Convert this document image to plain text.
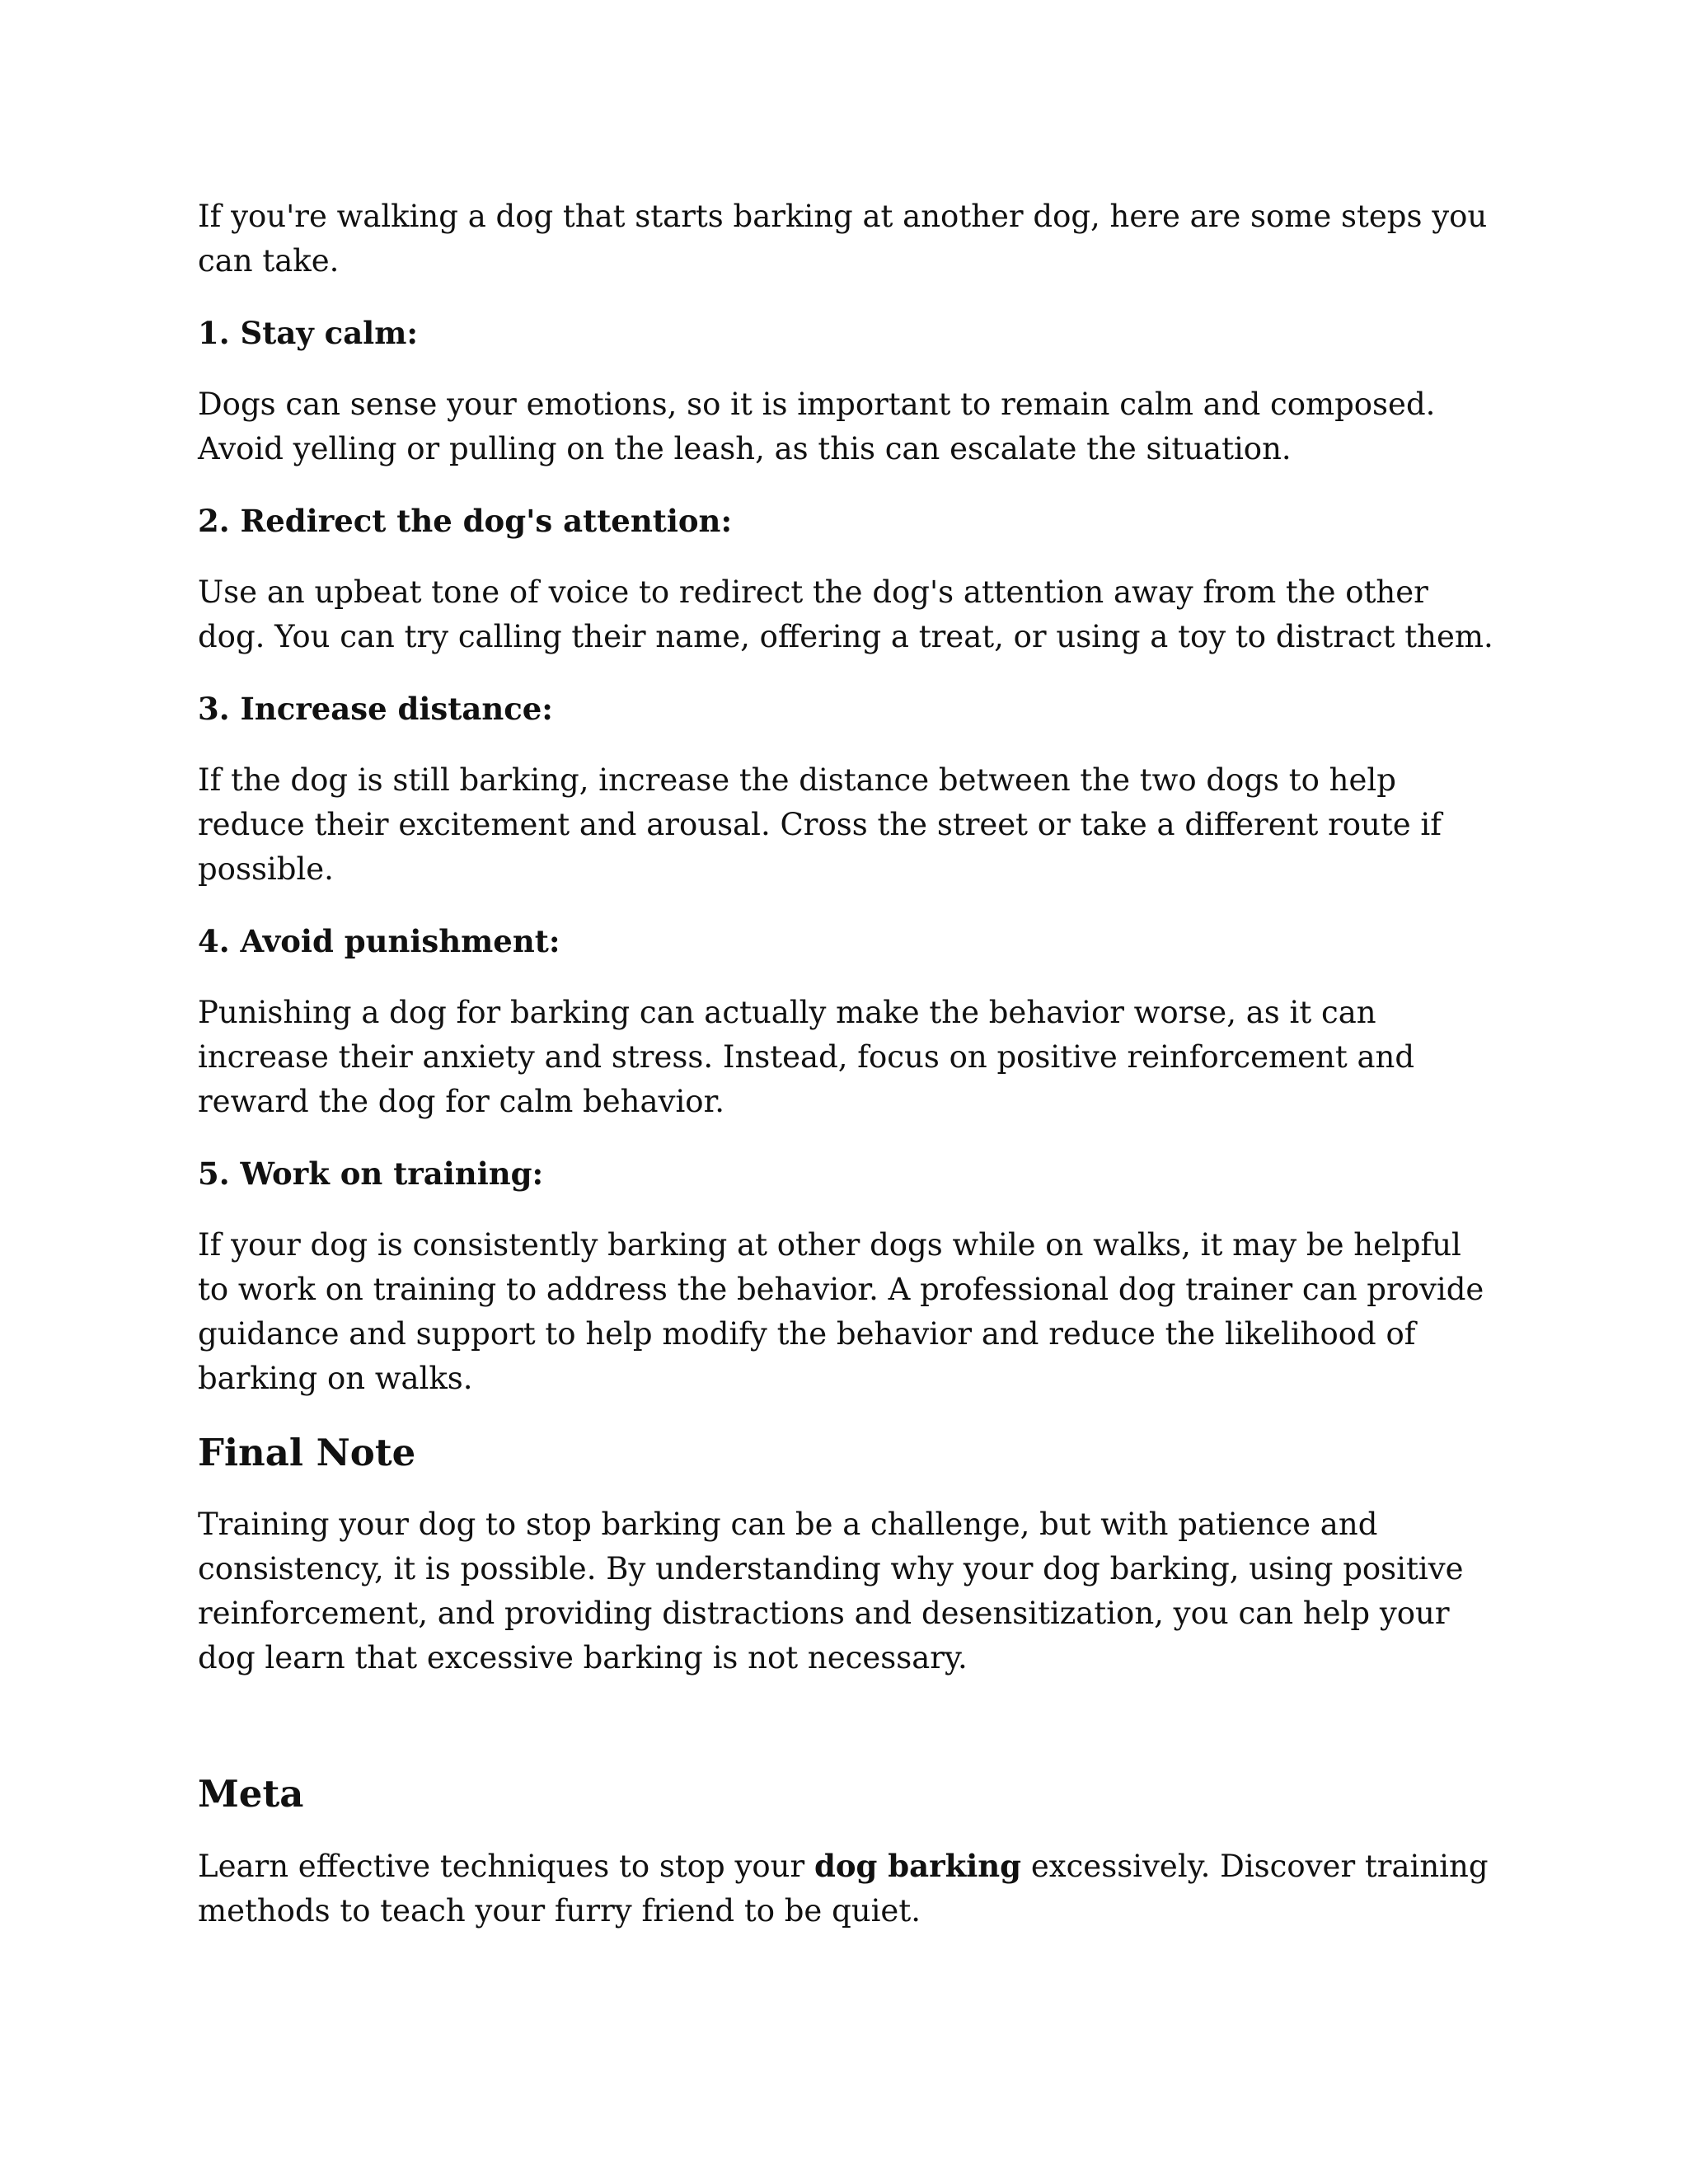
If you're walking a dog that starts barking at another dog, here are some steps you can take.

1. Stay calm:

Dogs can sense your emotions, so it is important to remain calm and composed. Avoid yelling or pulling on the leash, as this can escalate the situation.

2. Redirect the dog's attention:

Use an upbeat tone of voice to redirect the dog's attention away from the other dog. You can try calling their name, offering a treat, or using a toy to distract them.

3. Increase distance:

If the dog is still barking, increase the distance between the two dogs to help reduce their excitement and arousal. Cross the street or take a different route if possible.

4. Avoid punishment:

Punishing a dog for barking can actually make the behavior worse, as it can increase their anxiety and stress. Instead, focus on positive reinforcement and reward the dog for calm behavior.

5. Work on training:

If your dog is consistently barking at other dogs while on walks, it may be helpful to work on training to address the behavior. A professional dog trainer can provide guidance and support to help modify the behavior and reduce the likelihood of barking on walks.

Final Note

Training your dog to stop barking can be a challenge, but with patience and consistency, it is possible. By understanding why your dog barking, using positive reinforcement, and providing distractions and desensitization, you can help your dog learn that excessive barking is not necessary.

Meta

Learn effective techniques to stop your dog barking excessively. Discover training methods to teach your furry friend to be quiet.
